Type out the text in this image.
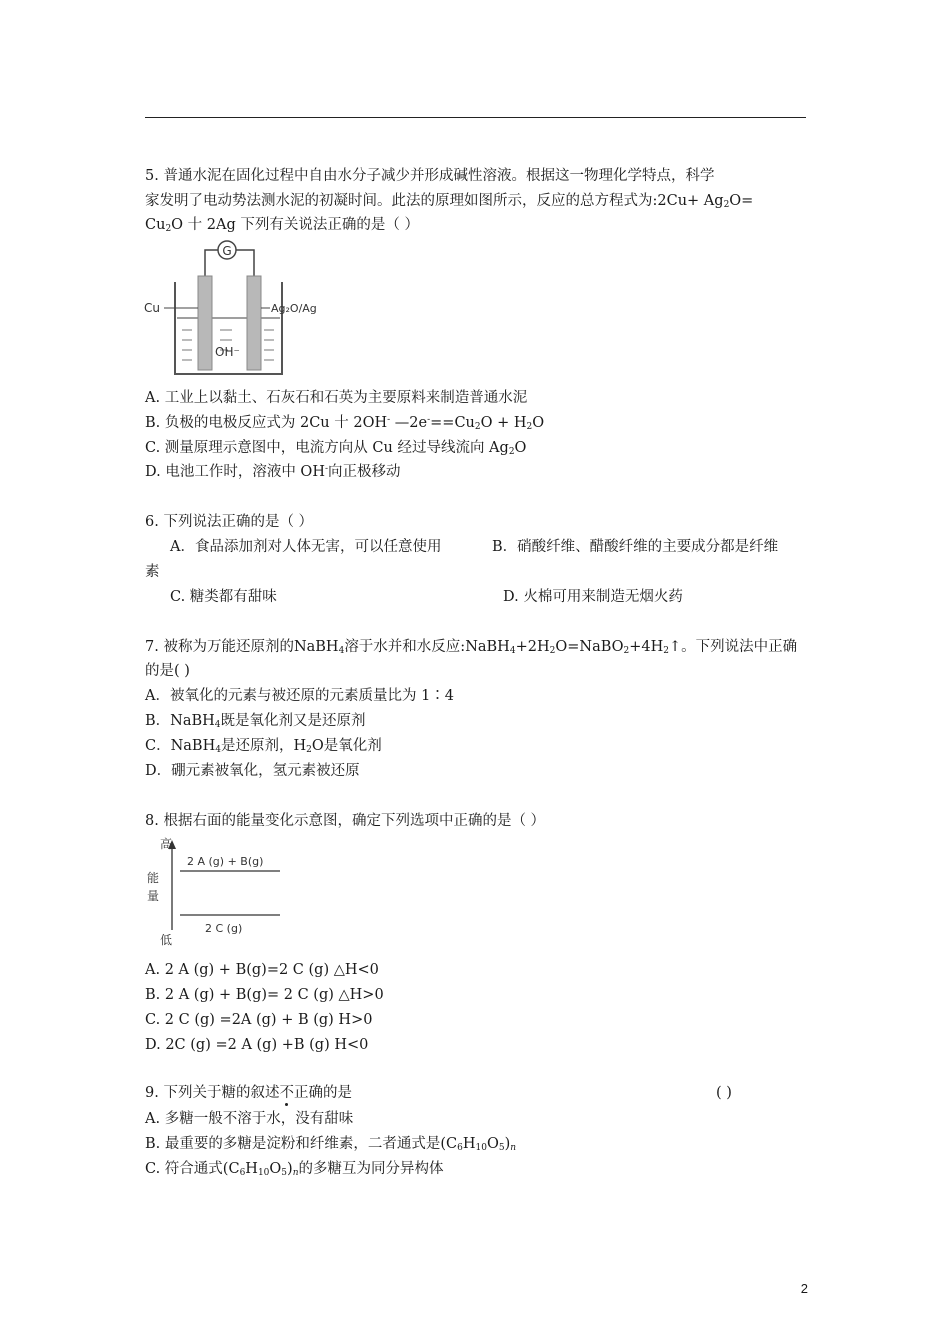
5. 普通水泥在固化过程中自由水分子减少并形成碱性溶液。根据这一物理化学特点，科学
家发明了电动势法测水泥的初凝时间。此法的原理如图所示，反应的总方程式为:2Cu+ $Ag_2O=$
$Cu_2O$ 十 2Ag 下列有关说法正确的是（ ）
G
Cu	Ag₂O/Ag
OH⁻
A. 工业上以黏土、石灰石和石英为主要原料来制造普通水泥
B. 负极的电极反应式为 2Cu 十 2OH- $—2e^-==Cu_2O + H_2O$
C. 测量原理示意图中，电流方向从 Cu 经过导线流向 $Ag_2O$
D. 电池工作时，溶液中 OH-向正极移动
6. 下列说法正确的是（ ）
A．食品添加剂对人体无害，可以任意使用	B．硝酸纤维、醋酸纤维的主要成分都是纤维
素
C. 糖类都有甜味	D. 火棉可用来制造无烟火药
7. 被称为万能还原剂的NaBH$_4$溶于水并和水反应$:NaBH_4+2H_2O=NaBO_2+4H_2↑$。下列说法中正确
的是( )
A．被氧化的元素与被还原的元素质量比为 1∶4
B．NaBH$_4$既是氧化剂又是还原剂
C．NaBH$_4$是还原剂，$H_2O$是氧化剂
D．硼元素被氧化，氢元素被还原
8. 根据右面的能量变化示意图，确定下列选项中正确的是（ ）
高
能
量
低
2 A (g) + B(g)
2 C (g)
A. 2 A (g) + B(g)=2 C (g) △H<0
B. 2 A (g) + B(g)= 2 C (g) △H>0
C. 2 C (g) =2A (g) + B (g) H>0
D. 2C (g) =2 A (g) +B (g) H<0
9. 下列关于糖的叙述不正确的是	( )
A. 多糖一般不溶于水，没有甜味
B. 最重要的多糖是淀粉和纤维素，二者通式是$(C_6H_{10}O_5)_n$
C. 符合通式$(C_6H_{10}O_5)_n$的多糖互为同分异构体
2
